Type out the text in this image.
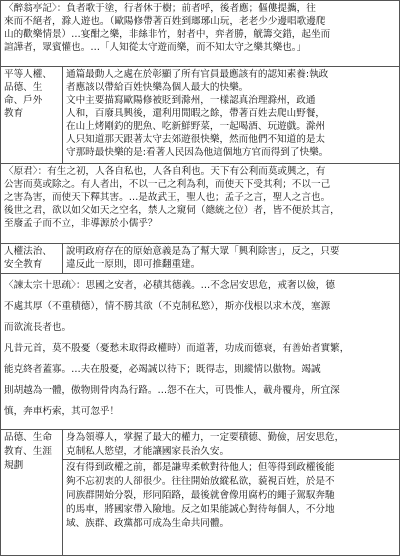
〈醉翁亭記〉：負者歌于塗，行者休于樹；前者呼，後者應；傴僂提攜，往
來而不絕者，滁人遊也。（歐陽修帶著百姓到瑯琊山玩，老老少少邊唱歌邊爬
山的歡樂情景）…宴酣之樂，非絲非竹，射者中，弈者勝，觥籌交錯，起坐而
諠譁者，眾賓懽也。…「人知從太守遊而樂，而不知太守之樂其樂也。」
平等人權、
品德、生
命、戶外
教育
通篇最動人之處在於彰顯了所有官員最應該有的認知素養:執政
者應該以帶給百姓快樂為個人最大的快樂。
文中主要描寫歐陽修被貶到滁州，一樣認真治理滁州，政通
人和，百廢具興後，還利用閒暇之餘，帶著百姓去爬山野餐，
在山上烤剛釣的肥魚、吃新鮮野菜，一起喝酒、玩遊戲。滁州
人只知道那天跟著太守去郊遊很快樂，然而他們不知道的是太
守那時最快樂的是:看著人民因為他這個地方官而得到了快樂。
〈原君〉：有生之初，人各自私也，人各自利也。天下有公利而莫或興之，有
公害而莫或除之。有人者出，不以一己之利為利，而使天下受其利；不以一己
之害為害，而使天下釋其害。…是故武王，聖人也；孟子之言，聖人之言也。
後世之君，欲以如父如天之空名，禁人之窺伺（總統之位）者，皆不便於其言，
至廢孟子而不立，非導源於小儒乎？
人權法治、
安全教育
說明政府存在的原始意義是為了幫大眾「興利除害」，反之，只要
違反此一原則，即可推翻重建。
〈諫太宗十思疏〉：思國之安者，必積其德義。…不念居安思危，戒奢以儉，德
不處其厚（不重積德），情不勝其欲（不克制私慾），斯亦伐根以求木茂，塞源
而欲流長者也。
凡昔元首，莫不殷憂（憂愁未取得政權時）而道著，功成而德衰，有善始者實繁，
能克終者蓋寡。…夫在殷憂，必竭誠以待下；既得志，則縱情以傲物。竭誠
則胡越為一體，傲物則骨肉為行路。…怨不在大，可畏惟人，載舟覆舟，所宜深
慎，奔車朽索，其可忽乎！
品德、生命
教育、生涯
規劃
身為領導人，掌握了最大的權力，一定要積德、勤儉，居安思危，
克制私人慾望，才能讓國家長治久安。
沒有得到政權之前，都是謙卑柔軟對待他人；但等得到政權後能
夠不忘初衷的人卻很少。往往開始放縱私欲，藐視百姓，於是不
同族群開始分裂，形同陌路，最後就會像用腐朽的繩子駕馭奔馳
的馬車，將國家帶入險地。反之如果能誠心對待每個人，不分地
域、族群、政黨都可成為生命共同體。
